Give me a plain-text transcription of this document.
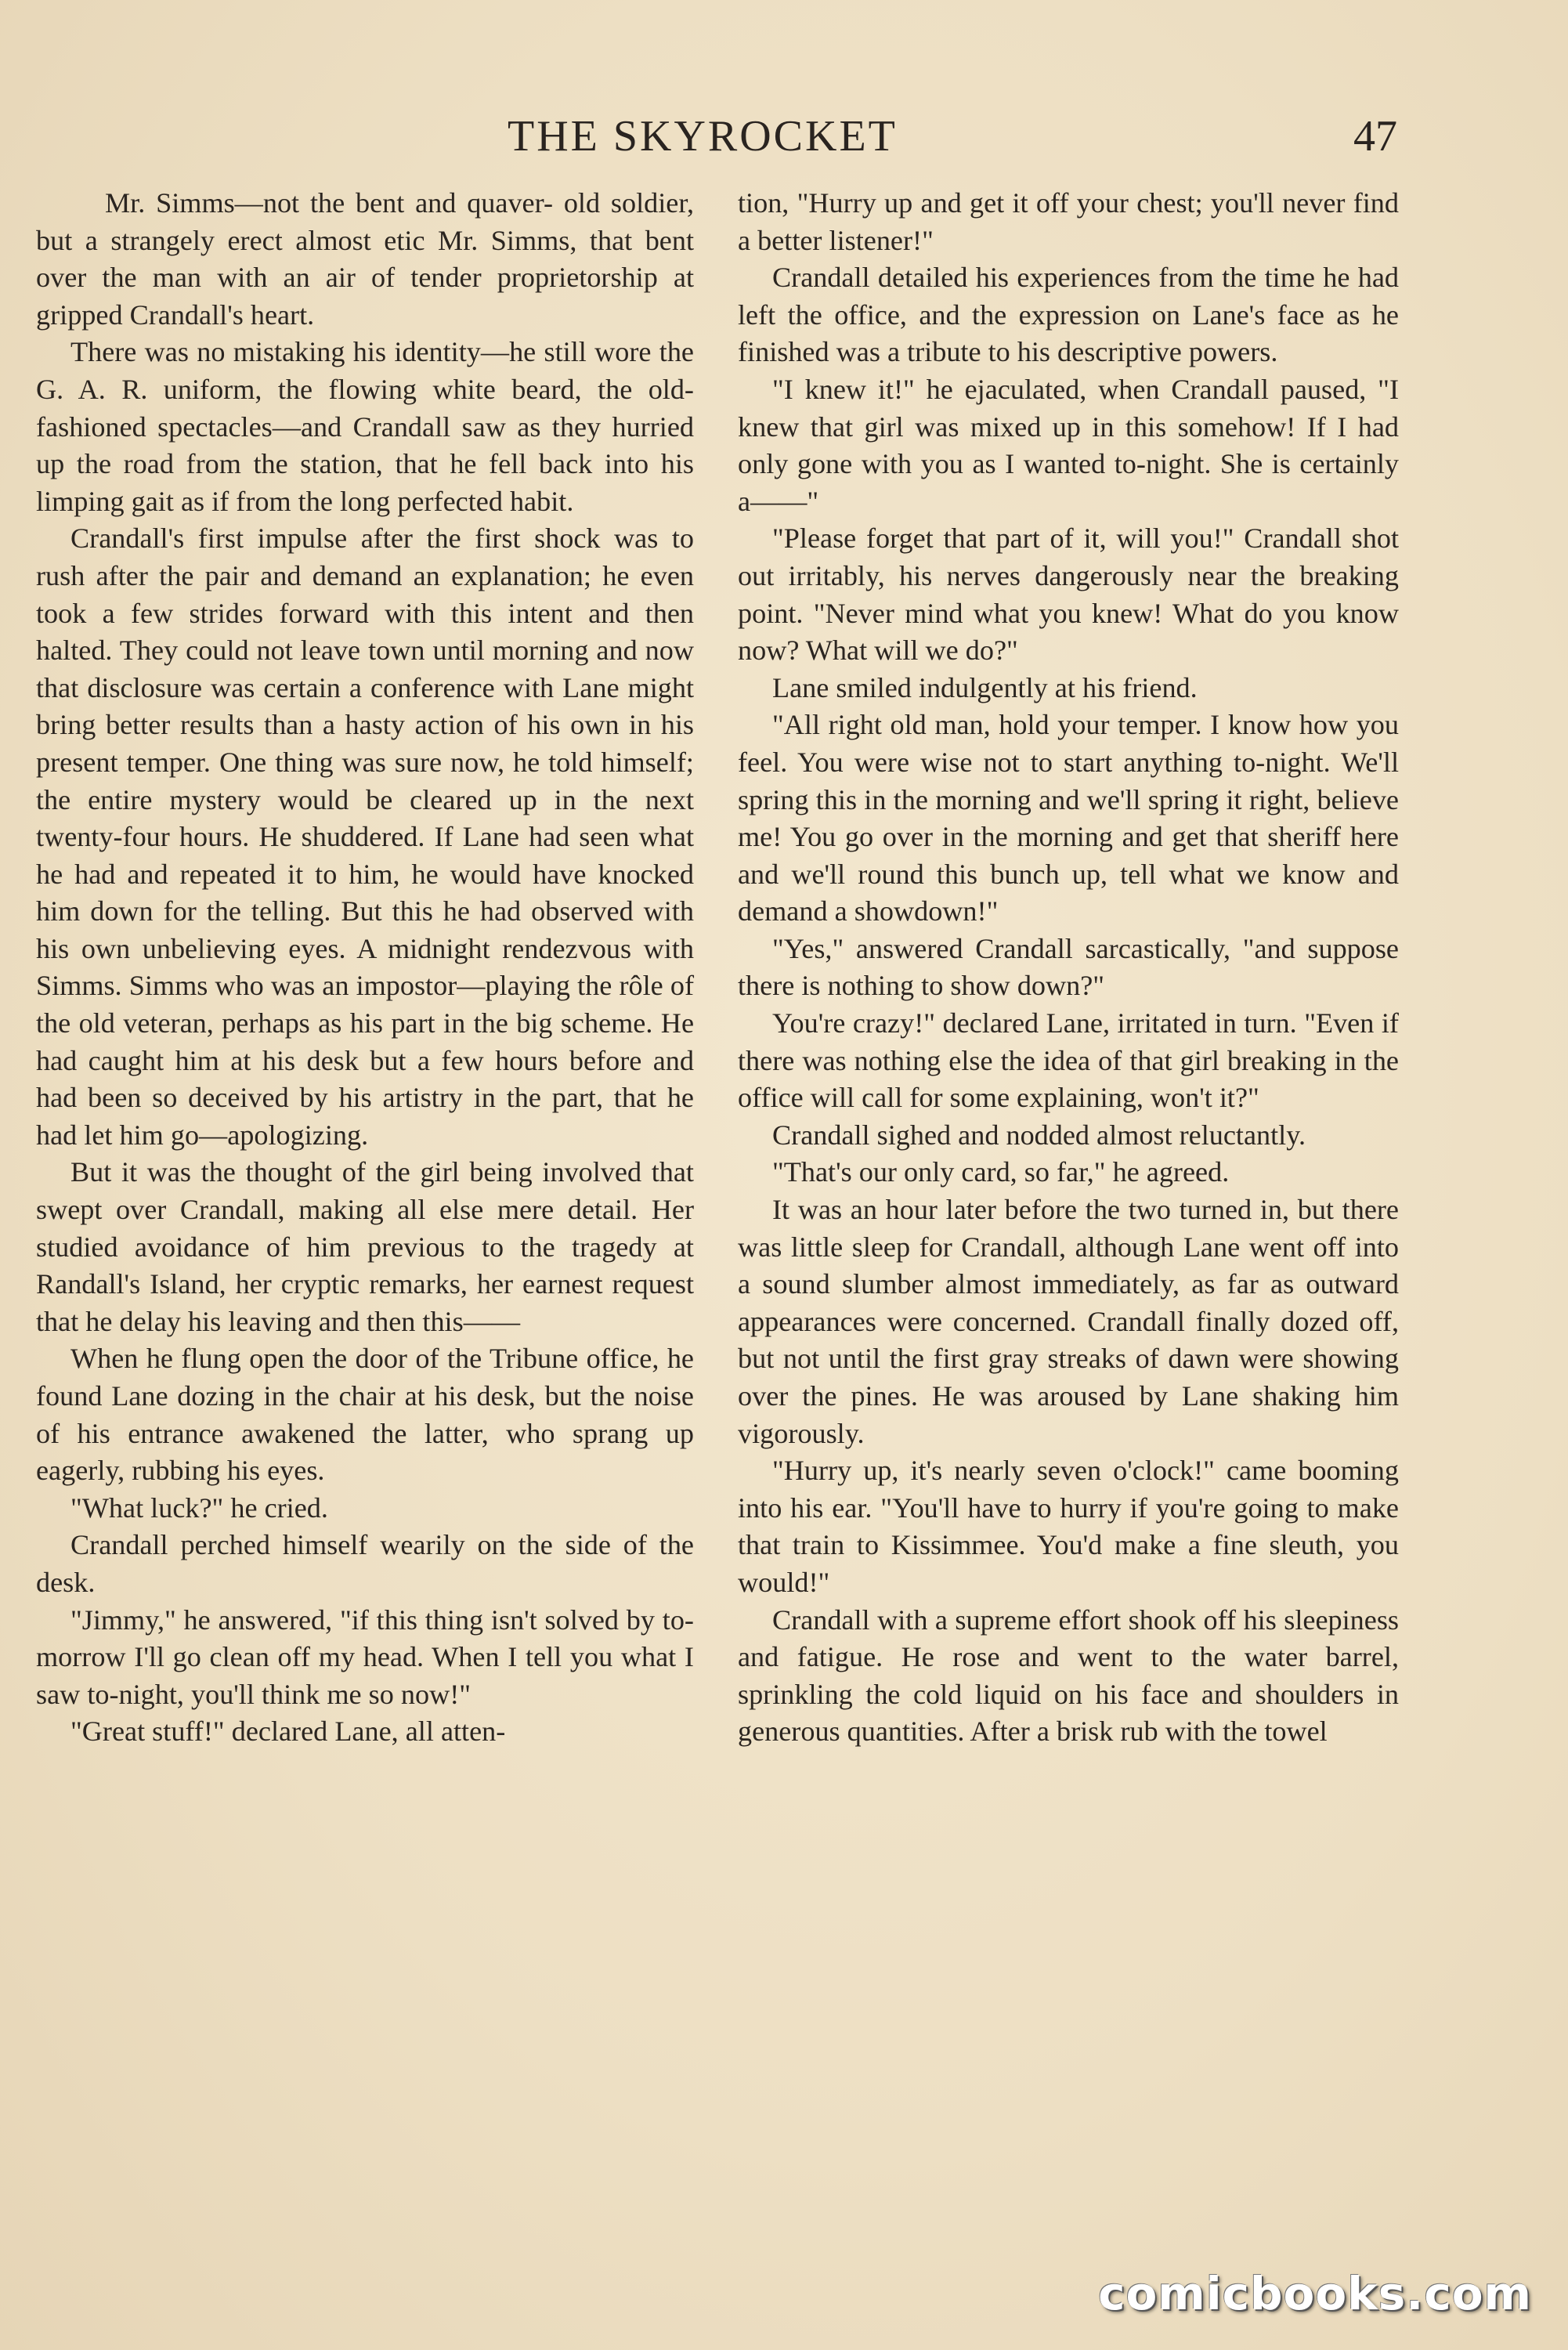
THE SKYROCKET	47

Mr. Simms—not the bent and quaver- old soldier, but a strangely erect almost etic Mr. Simms, that bent over the man with an air of tender proprietorship at gripped Crandall's heart.

There was no mistaking his identity—he still wore the G. A. R. uniform, the flowing white beard, the old-fashioned spectacles—and Crandall saw as they hurried up the road from the station, that he fell back into his limping gait as if from the long perfected habit.

Crandall's first impulse after the first shock was to rush after the pair and demand an explanation; he even took a few strides forward with this intent and then halted. They could not leave town until morning and now that disclosure was certain a conference with Lane might bring better results than a hasty action of his own in his present temper. One thing was sure now, he told himself; the entire mystery would be cleared up in the next twenty-four hours. He shuddered. If Lane had seen what he had and repeated it to him, he would have knocked him down for the telling. But this he had observed with his own unbelieving eyes. A midnight rendezvous with Simms. Simms who was an impostor—playing the rôle of the old veteran, perhaps as his part in the big scheme. He had caught him at his desk but a few hours before and had been so deceived by his artistry in the part, that he had let him go—apologizing.

But it was the thought of the girl being involved that swept over Crandall, making all else mere detail. Her studied avoidance of him previous to the tragedy at Randall's Island, her cryptic remarks, her earnest request that he delay his leaving and then this——

When he flung open the door of the Tribune office, he found Lane dozing in the chair at his desk, but the noise of his entrance awakened the latter, who sprang up eagerly, rubbing his eyes.

"What luck?" he cried.

Crandall perched himself wearily on the side of the desk.

"Jimmy," he answered, "if this thing isn't solved by to-morrow I'll go clean off my head. When I tell you what I saw to-night, you'll think me so now!"

"Great stuff!" declared Lane, all atten-

tion, "Hurry up and get it off your chest; you'll never find a better listener!"

Crandall detailed his experiences from the time he had left the office, and the expression on Lane's face as he finished was a tribute to his descriptive powers.

"I knew it!" he ejaculated, when Crandall paused, "I knew that girl was mixed up in this somehow! If I had only gone with you as I wanted to-night. She is certainly a——"

"Please forget that part of it, will you!" Crandall shot out irritably, his nerves dangerously near the breaking point. "Never mind what you knew! What do you know now? What will we do?"

Lane smiled indulgently at his friend.

"All right old man, hold your temper. I know how you feel. You were wise not to start anything to-night. We'll spring this in the morning and we'll spring it right, believe me! You go over in the morning and get that sheriff here and we'll round this bunch up, tell what we know and demand a showdown!"

"Yes," answered Crandall sarcastically, "and suppose there is nothing to show down?"

You're crazy!" declared Lane, irritated in turn. "Even if there was nothing else the idea of that girl breaking in the office will call for some explaining, won't it?"

Crandall sighed and nodded almost reluctantly.

"That's our only card, so far," he agreed.

It was an hour later before the two turned in, but there was little sleep for Crandall, although Lane went off into a sound slumber almost immediately, as far as outward appearances were concerned. Crandall finally dozed off, but not until the first gray streaks of dawn were showing over the pines. He was aroused by Lane shaking him vigorously.

"Hurry up, it's nearly seven o'clock!" came booming into his ear. "You'll have to hurry if you're going to make that train to Kissimmee. You'd make a fine sleuth, you would!"

Crandall with a supreme effort shook off his sleepiness and fatigue. He rose and went to the water barrel, sprinkling the cold liquid on his face and shoulders in generous quantities. After a brisk rub with the towel

comicbooks.com
